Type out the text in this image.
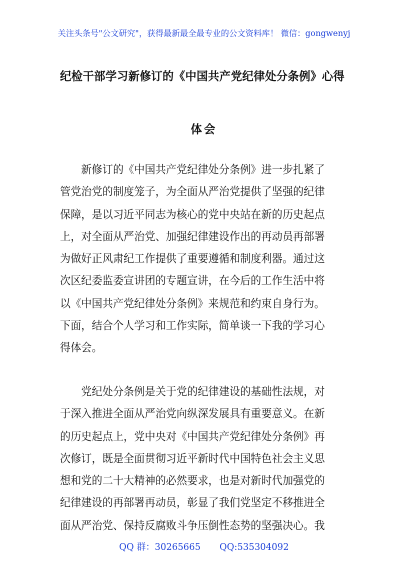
关注头条号"公文研究"，获得最新最全最专业的公文资料库！ 微信：gongwenyj
纪检干部学习新修订的《中国共产党纪律处分条例》心得
体会
　　新修订的《中国共产党纪律处分条例》进一步扎紧了
管党治党的制度笼子，为全面从严治党提供了坚强的纪律
保障，是以习近平同志为核心的党中央站在新的历史起点
上，对全面从严治党、加强纪律建设作出的再动员再部署
为做好正风肃纪工作提供了重要遵循和制度利器。通过这
次区纪委监委宣讲团的专题宣讲，在今后的工作生活中将
以《中国共产党纪律处分条例》来规范和约束自身行为。
下面，结合个人学习和工作实际，简单谈一下我的学习心
得体会。
　　党纪处分条例是关于党的纪律建设的基础性法规，对
于深入推进全面从严治党向纵深发展具有重要意义。在新
的历史起点上，党中央对《中国共产党纪律处分条例》再
次修订，既是全面贯彻习近平新时代中国特色社会主义思
想和党的二十大精神的必然要求，也是对新时代加强党的
纪律建设的再部署再动员，彰显了我们党坚定不移推进全
面从严治党、保持反腐败斗争压倒性态势的坚强决心。我
QQ 群：30265665 QQ:535304092
